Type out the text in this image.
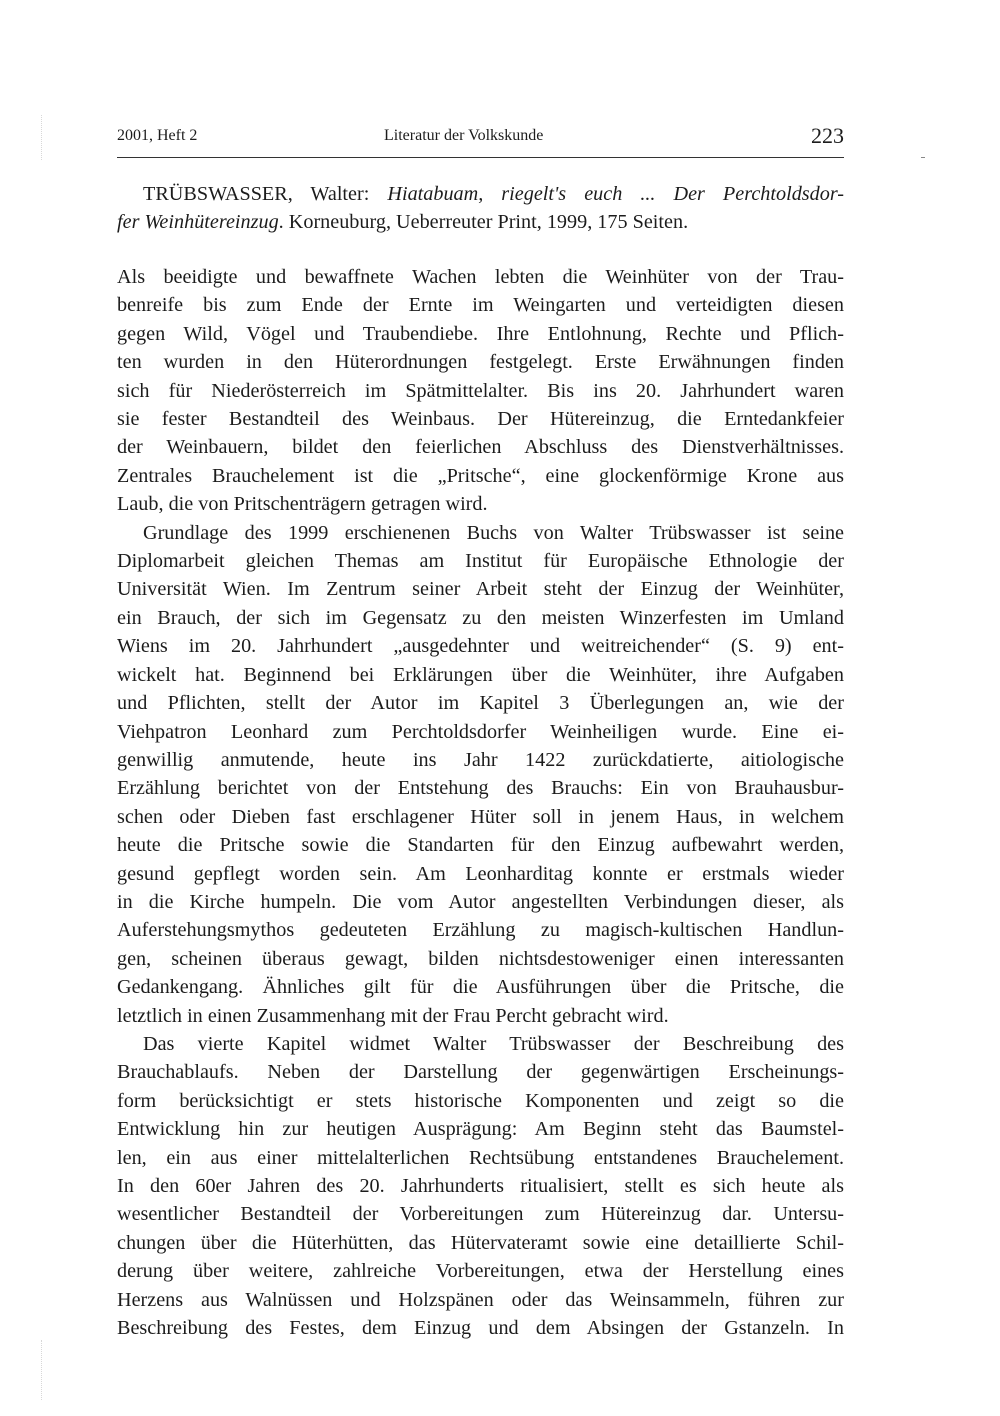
2001, Heft 2	Literatur der Volkskunde	223
TRÜBSWASSER, Walter: Hiatabuam, riegelt's euch ... Der Perchtoldsdor-
fer Weinhütereinzug. Korneuburg, Ueberreuter Print, 1999, 175 Seiten.

Als beeidigte und bewaffnete Wachen lebten die Weinhüter von der Trau-
benreife bis zum Ende der Ernte im Weingarten und verteidigten diesen
gegen Wild, Vögel und Traubendiebe. Ihre Entlohnung, Rechte und Pflich-
ten wurden in den Hüterordnungen festgelegt. Erste Erwähnungen finden
sich für Niederösterreich im Spätmittelalter. Bis ins 20. Jahrhundert waren
sie fester Bestandteil des Weinbaus. Der Hütereinzug, die Erntedankfeier
der Weinbauern, bildet den feierlichen Abschluss des Dienstverhältnisses.
Zentrales Brauchelement ist die „Pritsche“, eine glockenförmige Krone aus
Laub, die von Pritschenträgern getragen wird.

Grundlage des 1999 erschienenen Buchs von Walter Trübswasser ist seine
Diplomarbeit gleichen Themas am Institut für Europäische Ethnologie der
Universität Wien. Im Zentrum seiner Arbeit steht der Einzug der Weinhüter,
ein Brauch, der sich im Gegensatz zu den meisten Winzerfesten im Umland
Wiens im 20. Jahrhundert „ausgedehnter und weitreichender“ (S. 9) ent-
wickelt hat. Beginnend bei Erklärungen über die Weinhüter, ihre Aufgaben
und Pflichten, stellt der Autor im Kapitel 3 Überlegungen an, wie der
Viehpatron Leonhard zum Perchtoldsdorfer Weinheiligen wurde. Eine ei-
genwillig anmutende, heute ins Jahr 1422 zurückdatierte, aitiologische
Erzählung berichtet von der Entstehung des Brauchs: Ein von Brauhausbur-
schen oder Dieben fast erschlagener Hüter soll in jenem Haus, in welchem
heute die Pritsche sowie die Standarten für den Einzug aufbewahrt werden,
gesund gepflegt worden sein. Am Leonharditag konnte er erstmals wieder
in die Kirche humpeln. Die vom Autor angestellten Verbindungen dieser, als
Auferstehungsmythos gedeuteten Erzählung zu magisch-kultischen Handlun-
gen, scheinen überaus gewagt, bilden nichtsdestoweniger einen interessanten
Gedankengang. Ähnliches gilt für die Ausführungen über die Pritsche, die
letztlich in einen Zusammenhang mit der Frau Percht gebracht wird.

Das vierte Kapitel widmet Walter Trübswasser der Beschreibung des
Brauchablaufs. Neben der Darstellung der gegenwärtigen Erscheinungs-
form berücksichtigt er stets historische Komponenten und zeigt so die
Entwicklung hin zur heutigen Ausprägung: Am Beginn steht das Baumstel-
len, ein aus einer mittelalterlichen Rechtsübung entstandenes Brauchelement.
In den 60er Jahren des 20. Jahrhunderts ritualisiert, stellt es sich heute als
wesentlicher Bestandteil der Vorbereitungen zum Hütereinzug dar. Untersu-
chungen über die Hüterhütten, das Hütervateramt sowie eine detaillierte Schil-
derung über weitere, zahlreiche Vorbereitungen, etwa der Herstellung eines
Herzens aus Walnüssen und Holzspänen oder das Weinsammeln, führen zur
Beschreibung des Festes, dem Einzug und dem Absingen der Gstanzeln. In
